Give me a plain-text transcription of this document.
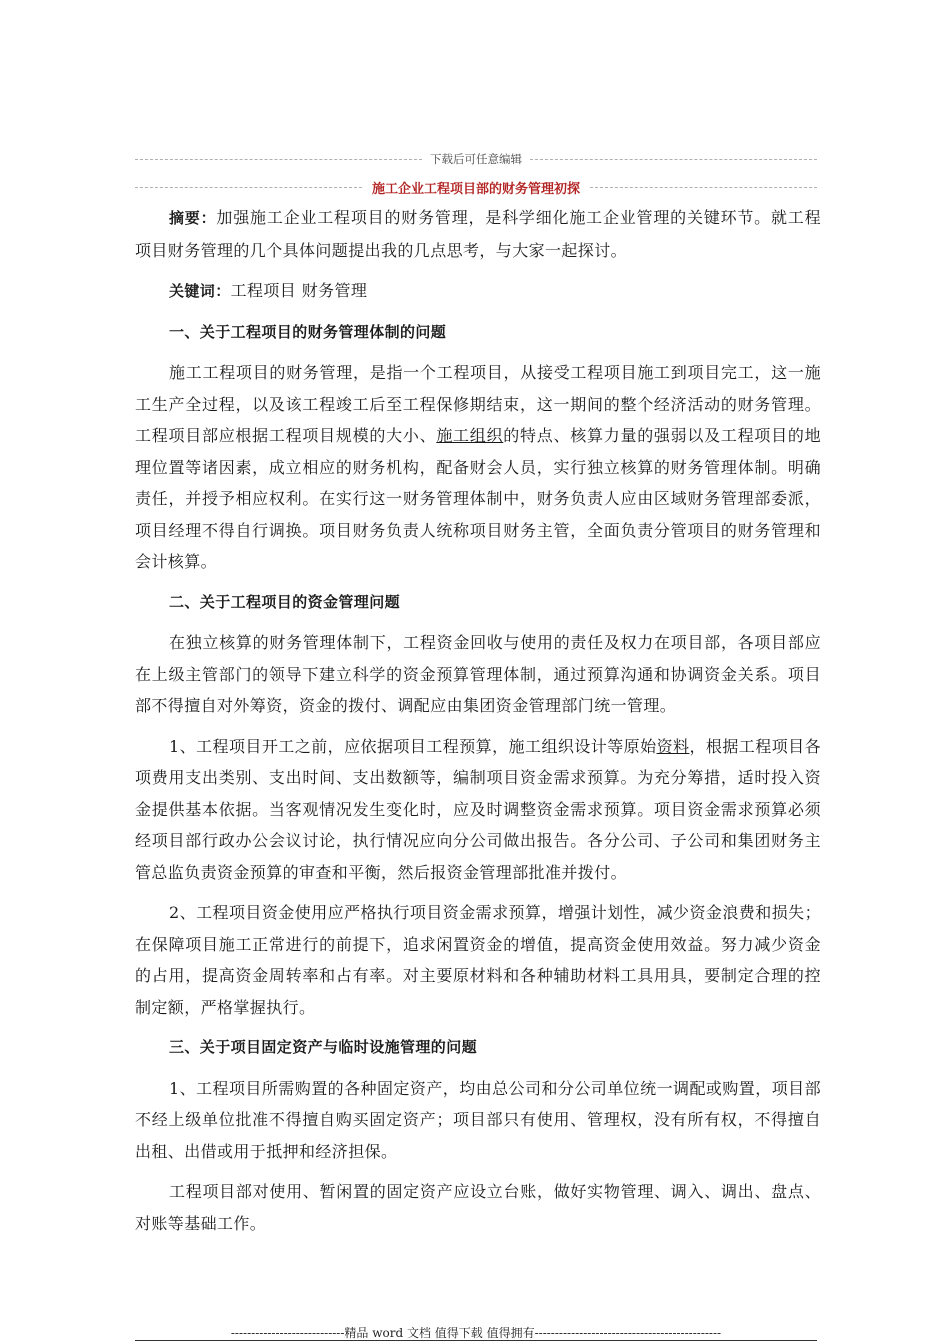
下载后可任意编辑
施工企业工程项目部的财务管理初探

摘要：加强施工企业工程项目的财务管理，是科学细化施工企业管理的关键环节。就工程项目财务管理的几个具体问题提出我的几点思考，与大家一起探讨。

关键词：工程项目 财务管理

一、关于工程项目的财务管理体制的问题

施工工程项目的财务管理，是指一个工程项目，从接受工程项目施工到项目完工，这一施工生产全过程，以及该工程竣工后至工程保修期结束，这一期间的整个经济活动的财务管理。工程项目部应根据工程项目规模的大小、施工组织的特点、核算力量的强弱以及工程项目的地理位置等诸因素，成立相应的财务机构，配备财会人员，实行独立核算的财务管理体制。明确责任，并授予相应权利。在实行这一财务管理体制中，财务负责人应由区域财务管理部委派，项目经理不得自行调换。项目财务负责人统称项目财务主管，全面负责分管项目的财务管理和会计核算。

二、关于工程项目的资金管理问题

在独立核算的财务管理体制下，工程资金回收与使用的责任及权力在项目部，各项目部应在上级主管部门的领导下建立科学的资金预算管理体制，通过预算沟通和协调资金关系。项目部不得擅自对外筹资，资金的拨付、调配应由集团资金管理部门统一管理。

1、工程项目开工之前，应依据项目工程预算，施工组织设计等原始资料，根据工程项目各项费用支出类别、支出时间、支出数额等，编制项目资金需求预算。为充分筹措，适时投入资金提供基本依据。当客观情况发生变化时，应及时调整资金需求预算。项目资金需求预算必须经项目部行政办公会议讨论，执行情况应向分公司做出报告。各分公司、子公司和集团财务主管总监负责资金预算的审查和平衡，然后报资金管理部批准并拨付。

2、工程项目资金使用应严格执行项目资金需求预算，增强计划性，减少资金浪费和损失；在保障项目施工正常进行的前提下，追求闲置资金的增值，提高资金使用效益。努力减少资金的占用，提高资金周转率和占有率。对主要原材料和各种辅助材料工具用具，要制定合理的控制定额，严格掌握执行。

三、关于项目固定资产与临时设施管理的问题

1、工程项目所需购置的各种固定资产，均由总公司和分公司单位统一调配或购置，项目部不经上级单位批准不得擅自购买固定资产；项目部只有使用、管理权，没有所有权，不得擅自出租、出借或用于抵押和经济担保。

工程项目部对使用、暂闲置的固定资产应设立台账，做好实物管理、调入、调出、盘点、对账等基础工作。

----------------------------精品 word 文档 值得下载 值得拥有----------------------------------------------
